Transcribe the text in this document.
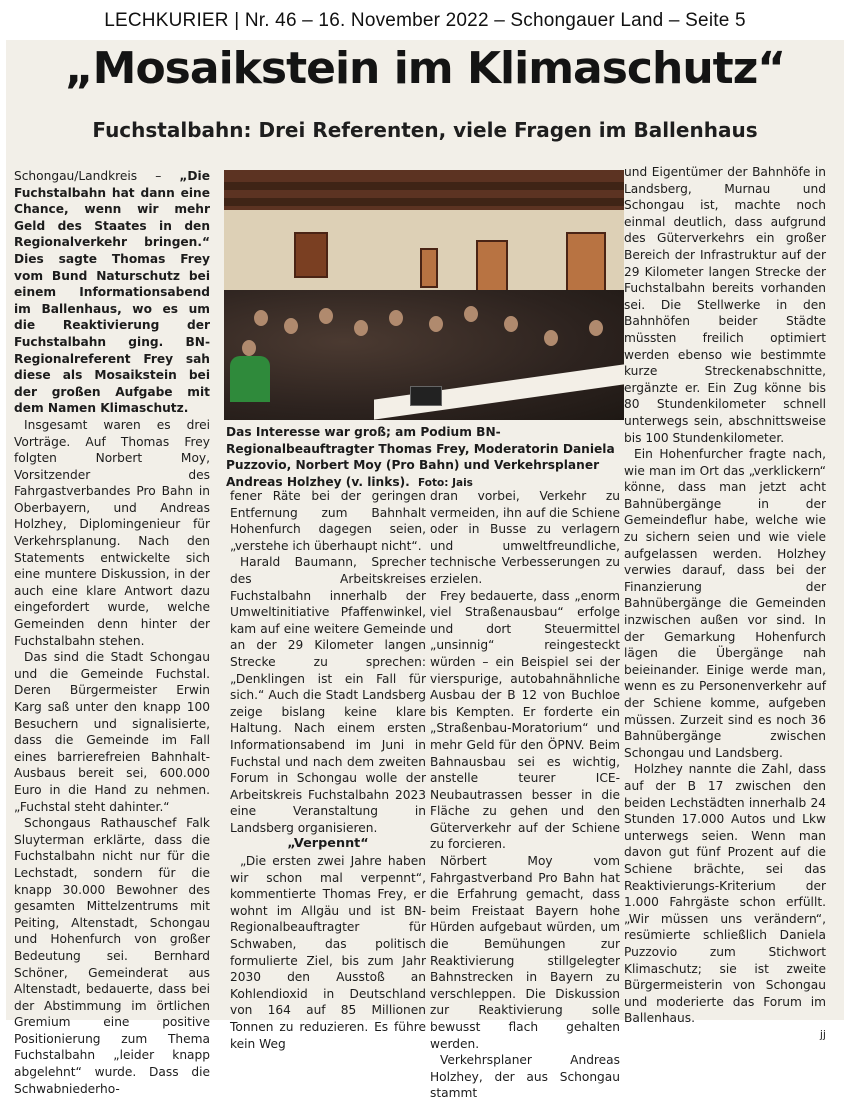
LECHKURIER | Nr. 46 – 16. November 2022 – Schongauer Land – Seite 5
„Mosaikstein im Klimaschutz“
Fuchstalbahn: Drei Referenten, viele Fragen im Ballenhaus

Schongau/Landkreis – „Die Fuchstalbahn hat dann eine Chance, wenn wir mehr Geld des Staates in den Regionalverkehr bringen.“ Dies sagte Thomas Frey vom Bund Naturschutz bei einem Informationsabend im Ballenhaus, wo es um die Reaktivierung der Fuchstalbahn ging. BN-Regionalreferent Frey sah diese als Mosaikstein bei der großen Aufgabe mit dem Namen Klimaschutz.

Insgesamt waren es drei Vorträge. Auf Thomas Frey folgten Norbert Moy, Vorsitzender des Fahrgastverbandes Pro Bahn in Oberbayern, und Andreas Holzhey, Diplomingenieur für Verkehrsplanung. Nach den Statements entwickelte sich eine muntere Diskussion, in der auch eine klare Antwort dazu eingefordert wurde, welche Gemeinden denn hinter der Fuchstalbahn stehen.

Das sind die Stadt Schongau und die Gemeinde Fuchstal. Deren Bürgermeister Erwin Karg saß unter den knapp 100 Besuchern und signalisierte, dass die Gemeinde im Fall eines barrierefreien Bahnhalt-Ausbaus bereit sei, 600.000 Euro in die Hand zu nehmen. „Fuchstal steht dahinter.“

Schongaus Rathauschef Falk Sluyterman erklärte, dass die Fuchstalbahn nicht nur für die Lechstadt, sondern für die knapp 30.000 Bewohner des gesamten Mittelzentrums mit Peiting, Altenstadt, Schongau und Hohenfurch von großer Bedeutung sei. Bernhard Schöner, Gemeinderat aus Altenstadt, bedauerte, dass bei der Abstimmung im örtlichen Gremium eine positive Positionierung zum Thema Fuchstalbahn „leider knapp abgelehnt“ wurde. Dass die Schwabniederho-

Das Interesse war groß; am Podium BN-Regionalbeauftragter Thomas Frey, Moderatorin Daniela Puzzovio, Norbert Moy (Pro Bahn) und Verkehrsplaner Andreas Holzhey (v. links). Foto: Jais

fener Räte bei der geringen Entfernung zum Bahnhalt Hohenfurch dagegen seien, „verstehe ich überhaupt nicht“.

Harald Baumann, Sprecher des Arbeitskreises Fuchstalbahn innerhalb der Umweltinitiative Pfaffenwinkel, kam auf eine weitere Gemeinde an der 29 Kilometer langen Strecke zu sprechen: „Denklingen ist ein Fall für sich.“ Auch die Stadt Landsberg zeige bislang keine klare Haltung. Nach einem ersten Informationsabend im Juni in Fuchstal und nach dem zweiten Forum in Schongau wolle der Arbeitskreis Fuchstalbahn 2023 eine Veranstaltung in Landsberg organisieren.

„Verpennt“

„Die ersten zwei Jahre haben wir schon mal verpennt“, kommentierte Thomas Frey, er wohnt im Allgäu und ist BN-Regionalbeauftragter für Schwaben, das politisch formulierte Ziel, bis zum Jahr 2030 den Ausstoß an Kohlendioxid in Deutschland von 164 auf 85 Millionen Tonnen zu reduzieren. Es führe kein Weg

dran vorbei, Verkehr zu vermeiden, ihn auf die Schiene oder in Busse zu verlagern und umweltfreundliche, technische Verbesserungen zu erzielen.

Frey bedauerte, dass „enorm viel Straßenausbau“ erfolge und dort Steuermittel „unsinnig“ reingesteckt würden – ein Beispiel sei der vierspurige, autobahnähnliche Ausbau der B 12 von Buchloe bis Kempten. Er forderte ein „Straßenbau-Moratorium“ und mehr Geld für den ÖPNV. Beim Bahnausbau sei es wichtig, anstelle teurer ICE-Neubautrassen besser in die Fläche zu gehen und den Güterverkehr auf der Schiene zu forcieren.

Nörbert Moy vom Fahrgastverband Pro Bahn hat die Erfahrung gemacht, dass beim Freistaat Bayern hohe Hürden aufgebaut würden, um die Bemühungen zur Reaktivierung stillgelegter Bahnstrecken in Bayern zu verschleppen. Die Diskussion zur Reaktivierung solle bewusst flach gehalten werden.

Verkehrsplaner Andreas Holzhey, der aus Schongau stammt

und Eigentümer der Bahnhöfe in Landsberg, Murnau und Schongau ist, machte noch einmal deutlich, dass aufgrund des Güterverkehrs ein großer Bereich der Infrastruktur auf der 29 Kilometer langen Strecke der Fuchstalbahn bereits vorhanden sei. Die Stellwerke in den Bahnhöfen beider Städte müssten freilich optimiert werden ebenso wie bestimmte kurze Streckenabschnitte, ergänzte er. Ein Zug könne bis 80 Stundenkilometer schnell unterwegs sein, abschnittsweise bis 100 Stundenkilometer.

Ein Hohenfurcher fragte nach, wie man im Ort das „verklickern“ könne, dass man jetzt acht Bahnübergänge in der Gemeindeflur habe, welche wie zu sichern seien und wie viele aufgelassen werden. Holzhey verwies darauf, dass bei der Finanzierung der Bahnübergänge die Gemeinden inzwischen außen vor sind. In der Gemarkung Hohenfurch lägen die Übergänge nah beieinander. Einige werde man, wenn es zu Personenverkehr auf der Schiene komme, aufgeben müssen. Zurzeit sind es noch 36 Bahnübergänge zwischen Schongau und Landsberg.

Holzhey nannte die Zahl, dass auf der B 17 zwischen den beiden Lechstädten innerhalb 24 Stunden 17.000 Autos und Lkw unterwegs seien. Wenn man davon gut fünf Prozent auf die Schiene brächte, sei das Reaktivierungs-Kriterium der 1.000 Fahrgäste schon erfüllt. „Wir müssen uns verändern“, resümierte schließlich Daniela Puzzovio zum Stichwort Klimaschutz; sie ist zweite Bürgermeisterin von Schongau und moderierte das Forum im Ballenhaus.

jj
